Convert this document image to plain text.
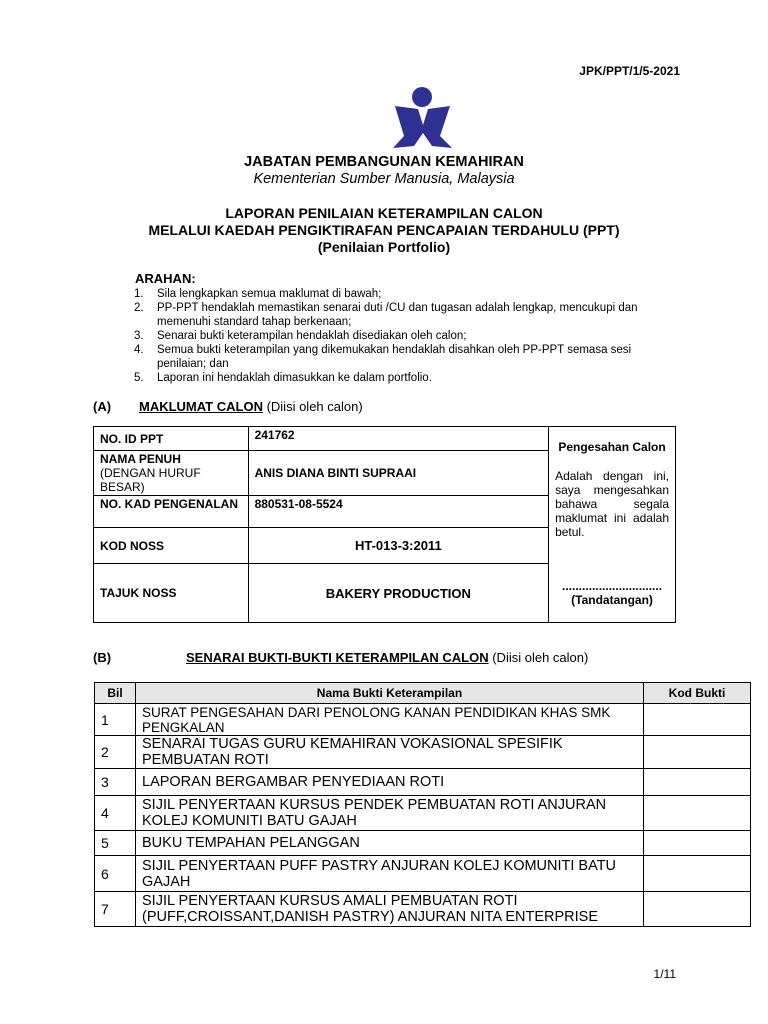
JPK/PPT/1/5-2021
JABATAN PEMBANGUNAN KEMAHIRAN
Kementerian Sumber Manusia, Malaysia
LAPORAN PENILAIAN KETERAMPILAN CALON
MELALUI KAEDAH PENGIKTIRAFAN PENCAPAIAN TERDAHULU (PPT)
(Penilaian Portfolio)
ARAHAN:
1.	Sila lengkapkan semua maklumat di bawah;
2.	PP-PPT hendaklah memastikan senarai duti /CU dan tugasan adalah lengkap, mencukupi dan    memenuhi standard tahap berkenaan;
3.	Senarai bukti keterampilan hendaklah disediakan oleh calon;
4.	Semua bukti keterampilan yang dikemukakan hendaklah disahkan oleh PP-PPT semasa sesi penilaian; dan
5.	Laporan ini hendaklah dimasukkan ke dalam portfolio.
(A) MAKLUMAT CALON (Diisi oleh calon)
NO. ID PPT	241762	Pengesahan Calon
Adalah dengan ini, saya mengesahkan bahawa segala maklumat ini adalah betul.
..............................
(Tandatangan)

NAMA PENUH
(DENGAN HURUF BESAR)	ANIS DIANA BINTI SUPRAAI	
NO. KAD PENGENALAN	880531-08-5524	
KOD NOSS	HT-013-3:2011	
TAJUK NOSS	BAKERY PRODUCTION	
(B)	SENARAI BUKTI-BUKTI KETERAMPILAN CALON (Diisi oleh calon)
Bil	Nama Bukti Keterampilan	Kod Bukti
1	SURAT PENGESAHAN DARI PENOLONG KANAN PENDIDIKAN KHAS SMK PENGKALAN	
2	SENARAI TUGAS GURU KEMAHIRAN VOKASIONAL SPESIFIK PEMBUATAN ROTI	
3	LAPORAN BERGAMBAR PENYEDIAAN ROTI	
4	SIJIL PENYERTAAN KURSUS PENDEK PEMBUATAN ROTI ANJURAN KOLEJ KOMUNITI BATU GAJAH	
5	BUKU TEMPAHAN PELANGGAN	
6	SIJIL PENYERTAAN PUFF PASTRY ANJURAN KOLEJ KOMUNITI BATU GAJAH	
7	SIJIL PENYERTAAN KURSUS AMALI PEMBUATAN ROTI (PUFF,CROISSANT,DANISH PASTRY) ANJURAN NITA ENTERPRISE	
1/11
